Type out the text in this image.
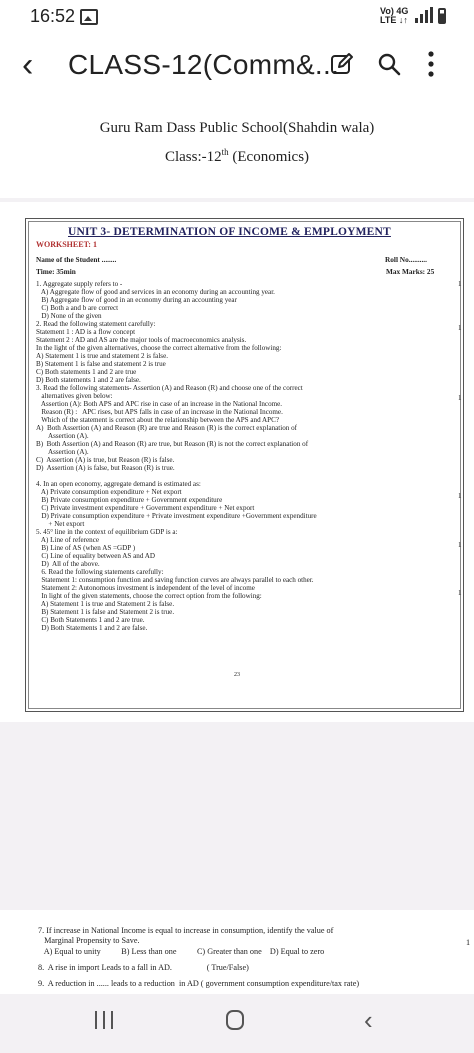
16:52	Vo) 4G
LTE ↓↑
‹ CLASS-12(Comm&...
Guru Ram Dass Public School(Shahdin wala)
Class:-12th (Economics)
UNIT 3- DETERMINATION OF INCOME & EMPLOYMENT
WORKSHEET: 1
Name of the Student ........	Roll No..........
Time: 35min	Max Marks: 25
1. Aggregate supply refers to -
A) Aggregate flow of good and services in an economy during an accounting year.
B) Aggregate flow of good in an economy during an accounting year
C) Both a and b are correct
D) None of the given
2. Read the following statement carefully:
Statement 1 : AD is a flow concept
Statement 2 : AD and AS are the major tools of macroeconomics analysis.
In the light of the given alternatives, choose the correct alternative from the following:
A) Statement 1 is true and statement 2 is false.
B) Statement 1 is false and statement 2 is true
C) Both statements 1 and 2 are true
D) Both statements 1 and 2 are false.
3. Read the following statements- Assertion (A) and Reason (R) and choose one of the correct
alternatives given below:
Assertion (A): Both APS and APC rise in case of an increase in the National Income.
Reason (R) :   APC rises, but APS falls in case of an increase in the National Income.
Which of the statement is correct about the relationship between the APS and APC?
A)  Both Assertion (A) and Reason (R) are true and Reason (R) is the correct explanation of
Assertion (A).
B)  Both Assertion (A) and Reason (R) are true, but Reason (R) is not the correct explanation of
Assertion (A).
C)  Assertion (A) is true, but Reason (R) is false.
D)  Assertion (A) is false, but Reason (R) is true.
4. In an open economy, aggregate demand is estimated as:
A) Private consumption expenditure + Net export
B) Private consumption expenditure + Government expenditure
C) Private investment expenditure + Government expenditure + Net export
D) Private consumption expenditure + Private investment expenditure +Government expenditure
+ Net export
5. 45° line in the context of equilibrium GDP is a:
A) Line of reference
B) Line of AS (when AS =GDP )
C) Line of equality between AS and AD
D)  All of the above.
6. Read the following statements carefully:
Statement 1: consumption function and saving function curves are always parallel to each other.
Statement 2: Autonomous investment is independent of the level of income
In light of the given statements, choose the correct option from the following:
A) Statement 1 is true and Statement 2 is false.
B) Statement 1 is false and Statement 2 is true.
C) Both Statements 1 and 2 are true.
D) Both Statements 1 and 2 are false.
1
1
1
1
1
1
23
7. If increase in National Income is equal to increase in consumption, identify the value of
Marginal Propensity to Save.
A) Equal to unity          B) Less than one          C) Greater than one    D) Equal to zero
8.  A rise in import Leads to a fall in AD.                 ( True/False)
9.  A reduction in ...... leads to a reduction  in AD ( government consumption expenditure/tax rate)
1
‹
